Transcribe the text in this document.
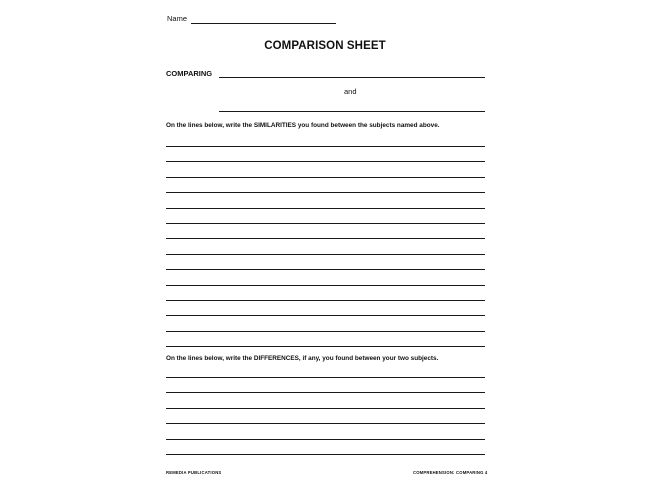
Name
COMPARISON SHEET
COMPARING
and
On the lines below, write the SIMILARITIES you found between the subjects named above.
On the lines below, write the DIFFERENCES, if any, you found between your two subjects.
REMEDIA PUBLICATIONS	COMPREHENSION: COMPARING 4
